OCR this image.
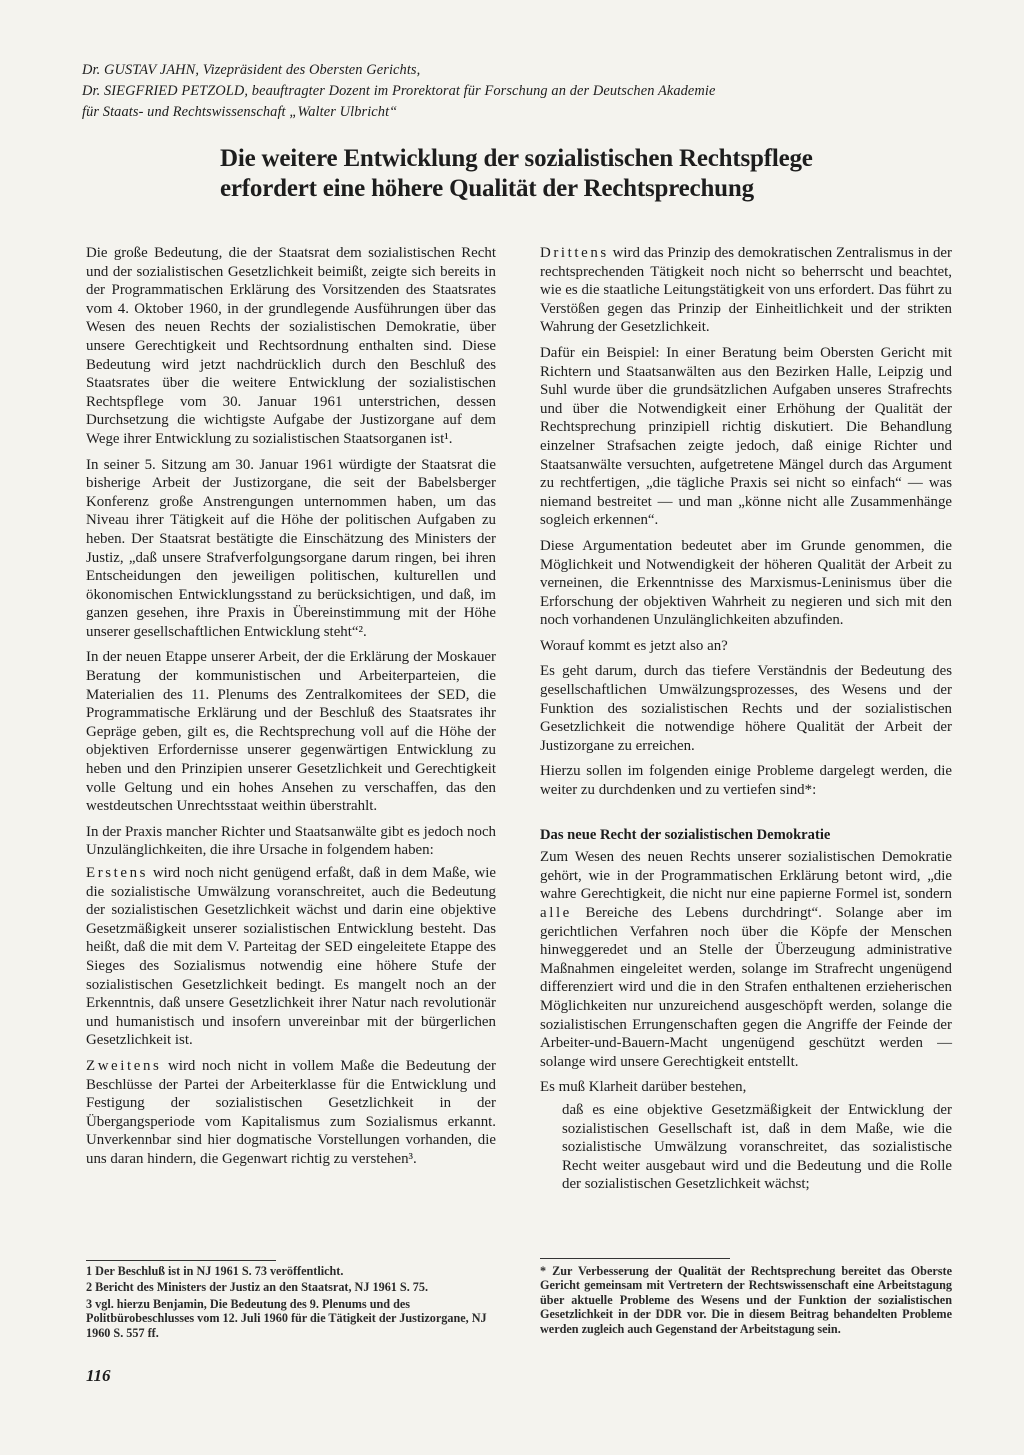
Dr. GUSTAV JAHN, Vizepräsident des Obersten Gerichts,

Dr. SIEGFRIED PETZOLD, beauftragter Dozent im Prorektorat für Forschung an der Deutschen Akademie

für Staats- und Rechtswissenschaft „Walter Ulbricht“

Die weitere Entwicklung der sozialistischen Rechtspflege
erfordert eine höhere Qualität der Rechtsprechung

Die große Bedeutung, die der Staatsrat dem sozialistischen Recht und der sozialistischen Gesetzlichkeit beimißt, zeigte sich bereits in der Programmatischen Erklärung des Vorsitzenden des Staatsrates vom 4. Oktober 1960, in der grundlegende Ausführungen über das Wesen des neuen Rechts der sozialistischen Demokratie, über unsere Gerechtigkeit und Rechtsordnung enthalten sind. Diese Bedeutung wird jetzt nachdrücklich durch den Beschluß des Staatsrates über die weitere Entwicklung der sozialistischen Rechtspflege vom 30. Januar 1961 unterstrichen, dessen Durchsetzung die wichtigste Aufgabe der Justizorgane auf dem Wege ihrer Entwicklung zu sozialistischen Staatsorganen ist¹.

In seiner 5. Sitzung am 30. Januar 1961 würdigte der Staatsrat die bisherige Arbeit der Justizorgane, die seit der Babelsberger Konferenz große Anstrengungen unternommen haben, um das Niveau ihrer Tätigkeit auf die Höhe der politischen Aufgaben zu heben. Der Staatsrat bestätigte die Einschätzung des Ministers der Justiz, „daß unsere Strafverfolgungsorgane darum ringen, bei ihren Entscheidungen den jeweiligen politischen, kulturellen und ökonomischen Entwicklungsstand zu berücksichtigen, und daß, im ganzen gesehen, ihre Praxis in Übereinstimmung mit der Höhe unserer gesellschaftlichen Entwicklung steht“².

In der neuen Etappe unserer Arbeit, der die Erklärung der Moskauer Beratung der kommunistischen und Arbeiterparteien, die Materialien des 11. Plenums des Zentralkomitees der SED, die Programmatische Erklärung und der Beschluß des Staatsrates ihr Gepräge geben, gilt es, die Rechtsprechung voll auf die Höhe der objektiven Erfordernisse unserer gegenwärtigen Entwicklung zu heben und den Prinzipien unserer Gesetzlichkeit und Gerechtigkeit volle Geltung und ein hohes Ansehen zu verschaffen, das den westdeutschen Unrechtsstaat weithin überstrahlt.

In der Praxis mancher Richter und Staatsanwälte gibt es jedoch noch Unzulänglichkeiten, die ihre Ursache in folgendem haben:

Erstens wird noch nicht genügend erfaßt, daß in dem Maße, wie die sozialistische Umwälzung voranschreitet, auch die Bedeutung der sozialistischen Gesetzlichkeit wächst und darin eine objektive Gesetzmäßigkeit unserer sozialistischen Entwicklung besteht. Das heißt, daß die mit dem V. Parteitag der SED eingeleitete Etappe des Sieges des Sozialismus notwendig eine höhere Stufe der sozialistischen Gesetzlichkeit bedingt. Es mangelt noch an der Erkenntnis, daß unsere Gesetzlichkeit ihrer Natur nach revolutionär und humanistisch und insofern unvereinbar mit der bürgerlichen Gesetzlichkeit ist.

Zweitens wird noch nicht in vollem Maße die Bedeutung der Beschlüsse der Partei der Arbeiterklasse für die Entwicklung und Festigung der sozialistischen Gesetzlichkeit in der Übergangsperiode vom Kapitalismus zum Sozialismus erkannt. Unverkennbar sind hier dogmatische Vorstellungen vorhanden, die uns daran hindern, die Gegenwart richtig zu verstehen³.

Drittens wird das Prinzip des demokratischen Zentralismus in der rechtsprechenden Tätigkeit noch nicht so beherrscht und beachtet, wie es die staatliche Leitungstätigkeit von uns erfordert. Das führt zu Verstößen gegen das Prinzip der Einheitlichkeit und der strikten Wahrung der Gesetzlichkeit.

Dafür ein Beispiel: In einer Beratung beim Obersten Gericht mit Richtern und Staatsanwälten aus den Bezirken Halle, Leipzig und Suhl wurde über die grundsätzlichen Aufgaben unseres Strafrechts und über die Notwendigkeit einer Erhöhung der Qualität der Rechtsprechung prinzipiell richtig diskutiert. Die Behandlung einzelner Strafsachen zeigte jedoch, daß einige Richter und Staatsanwälte versuchten, aufgetretene Mängel durch das Argument zu rechtfertigen, „die tägliche Praxis sei nicht so einfach“ — was niemand bestreitet — und man „könne nicht alle Zusammenhänge sogleich erkennen“.

Diese Argumentation bedeutet aber im Grunde genommen, die Möglichkeit und Notwendigkeit der höheren Qualität der Arbeit zu verneinen, die Erkenntnisse des Marxismus-Leninismus über die Erforschung der objektiven Wahrheit zu negieren und sich mit den noch vorhandenen Unzulänglichkeiten abzufinden.

Worauf kommt es jetzt also an?

Es geht darum, durch das tiefere Verständnis der Bedeutung des gesellschaftlichen Umwälzungsprozesses, des Wesens und der Funktion des sozialistischen Rechts und der sozialistischen Gesetzlichkeit die notwendige höhere Qualität der Arbeit der Justizorgane zu erreichen.

Hierzu sollen im folgenden einige Probleme dargelegt werden, die weiter zu durchdenken und zu vertiefen sind*:

Das neue Recht der sozialistischen Demokratie

Zum Wesen des neuen Rechts unserer sozialistischen Demokratie gehört, wie in der Programmatischen Erklärung betont wird, „die wahre Gerechtigkeit, die nicht nur eine papierne Formel ist, sondern alle Bereiche des Lebens durchdringt“. Solange aber im gerichtlichen Verfahren noch über die Köpfe der Menschen hinweggeredet und an Stelle der Überzeugung administrative Maßnahmen eingeleitet werden, solange im Strafrecht ungenügend differenziert wird und die in den Strafen enthaltenen erzieherischen Möglichkeiten nur unzureichend ausgeschöpft werden, solange die sozialistischen Errungenschaften gegen die Angriffe der Feinde der Arbeiter-und-Bauern-Macht ungenügend geschützt werden — solange wird unsere Gerechtigkeit entstellt.

Es muß Klarheit darüber bestehen,

daß es eine objektive Gesetzmäßigkeit der Entwicklung der sozialistischen Gesellschaft ist, daß in dem Maße, wie die sozialistische Umwälzung voranschreitet, das sozialistische Recht weiter ausgebaut wird und die Bedeutung und die Rolle der sozialistischen Gesetzlichkeit wächst;

1 Der Beschluß ist in NJ 1961 S. 73 veröffentlicht.

2 Bericht des Ministers der Justiz an den Staatsrat, NJ 1961 S. 75.

3 vgl. hierzu Benjamin, Die Bedeutung des 9. Plenums und des Politbürobeschlusses vom 12. Juli 1960 für die Tätigkeit der Justizorgane, NJ 1960 S. 557 ff.

* Zur Verbesserung der Qualität der Rechtsprechung bereitet das Oberste Gericht gemeinsam mit Vertretern der Rechtswissenschaft eine Arbeitstagung über aktuelle Probleme des Wesens und der Funktion der sozialistischen Gesetzlichkeit in der DDR vor. Die in diesem Beitrag behandelten Probleme werden zugleich auch Gegenstand der Arbeitstagung sein.

116
